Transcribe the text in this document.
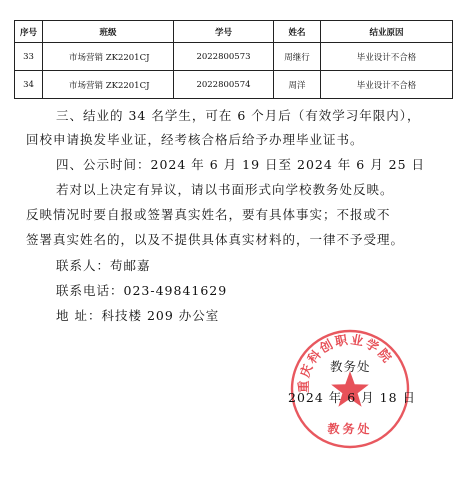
序号	班级	学号	姓名	结业原因
33	市场营销 ZK2201CJ	2022800573	周继行	毕业设计不合格
34	市场营销 ZK2201CJ	2022800574	周洋	毕业设计不合格
三、结业的 34 名学生，可在 6 个月后（有效学习年限内），
回校申请换发毕业证，经考核合格后给予办理毕业证书。
四、公示时间：2024 年 6 月 19 日至 2024 年 6 月 25 日
若对以上决定有异议，请以书面形式向学校教务处反映。
反映情况时要自报或签署真实姓名，要有具体事实；不报或不
签署真实姓名的，以及不提供具体真实材料的，一律不予受理。
联系人：苟邮嘉
联系电话：023-49841629
地 址：科技楼 209 办公室
重庆科创职业学院
教务处
教务处
2024 年 6 月 18 日
